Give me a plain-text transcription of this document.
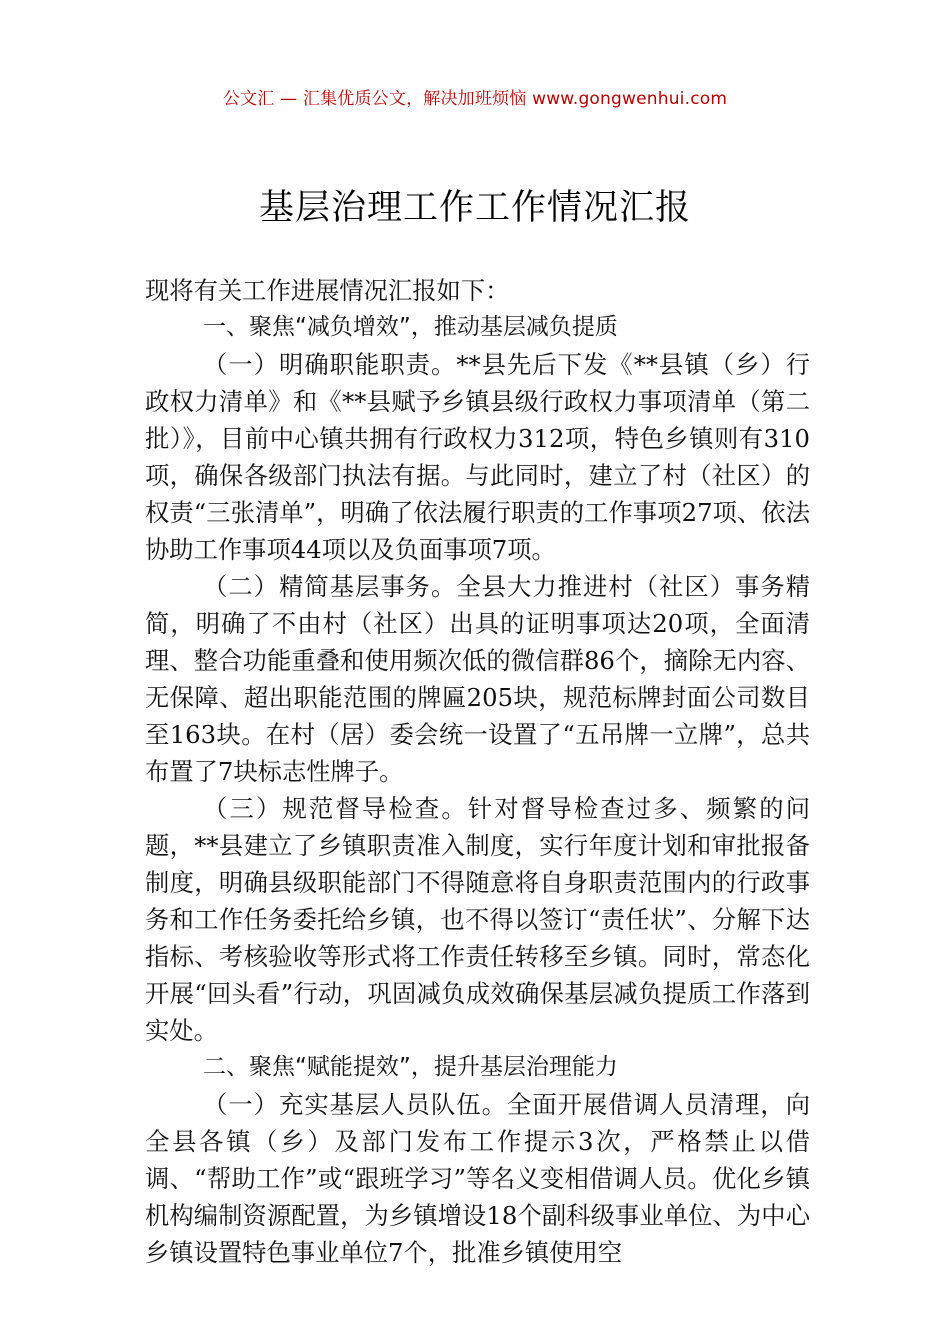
公文汇 — 汇集优质公文，解决加班烦恼 www.gongwenhui.com
基层治理工作工作情况汇报

现将有关工作进展情况汇报如下：

一、聚焦“减负增效”，推动基层减负提质

（一）明确职能职责。**县先后下发《**县镇（乡）行政权力清单》和《**县赋予乡镇县级行政权力事项清单（第二批）》，目前中心镇共拥有行政权力312项，特色乡镇则有310项，确保各级部门执法有据。与此同时，建立了村（社区）的权责“三张清单”，明确了依法履行职责的工作事项27项、依法协助工作事项44项以及负面事项7项。

（二）精简基层事务。全县大力推进村（社区）事务精简，明确了不由村（社区）出具的证明事项达20项，全面清理、整合功能重叠和使用频次低的微信群86个，摘除无内容、无保障、超出职能范围的牌匾205块，规范标牌封面公司数目至163块。在村（居）委会统一设置了“五吊牌一立牌”，总共布置了7块标志性牌子。

（三）规范督导检查。针对督导检查过多、频繁的问题，**县建立了乡镇职责准入制度，实行年度计划和审批报备制度，明确县级职能部门不得随意将自身职责范围内的行政事务和工作任务委托给乡镇，也不得以签订“责任状”、分解下达指标、考核验收等形式将工作责任转移至乡镇。同时，常态化开展“回头看”行动，巩固减负成效确保基层减负提质工作落到实处。

二、聚焦“赋能提效”，提升基层治理能力

（一）充实基层人员队伍。全面开展借调人员清理，向全县各镇（乡）及部门发布工作提示3次，严格禁止以借调、“帮助工作”或“跟班学习”等名义变相借调人员。优化乡镇机构编制资源配置，为乡镇增设18个副科级事业单位、为中心乡镇设置特色事业单位7个，批准乡镇使用空
